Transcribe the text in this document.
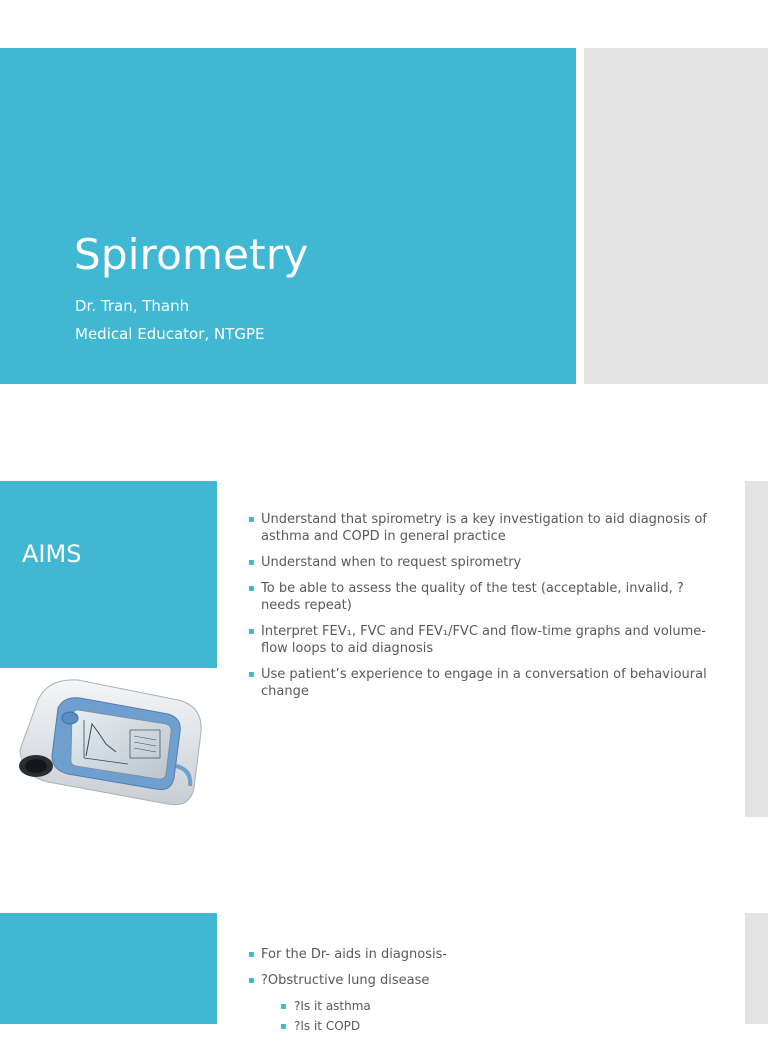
Spirometry
Dr. Tran, Thanh
Medical Educator, NTGPE
AIMS
▪ Understand that spirometry is a key investigation to aid diagnosis of asthma and COPD in general practice
▪ Understand when to request spirometry
▪ To be able to assess the quality of the test (acceptable, invalid, ?needs repeat)
▪ Interpret FEV₁, FVC and FEV₁/FVC and flow-time graphs and volume-flow loops to aid diagnosis
▪ Use patient’s experience to engage in a conversation of behavioural change
▪ For the Dr- aids in diagnosis-
▪ ?Obstructive lung disease
▪ ?Is it asthma
▪ ?Is it COPD
